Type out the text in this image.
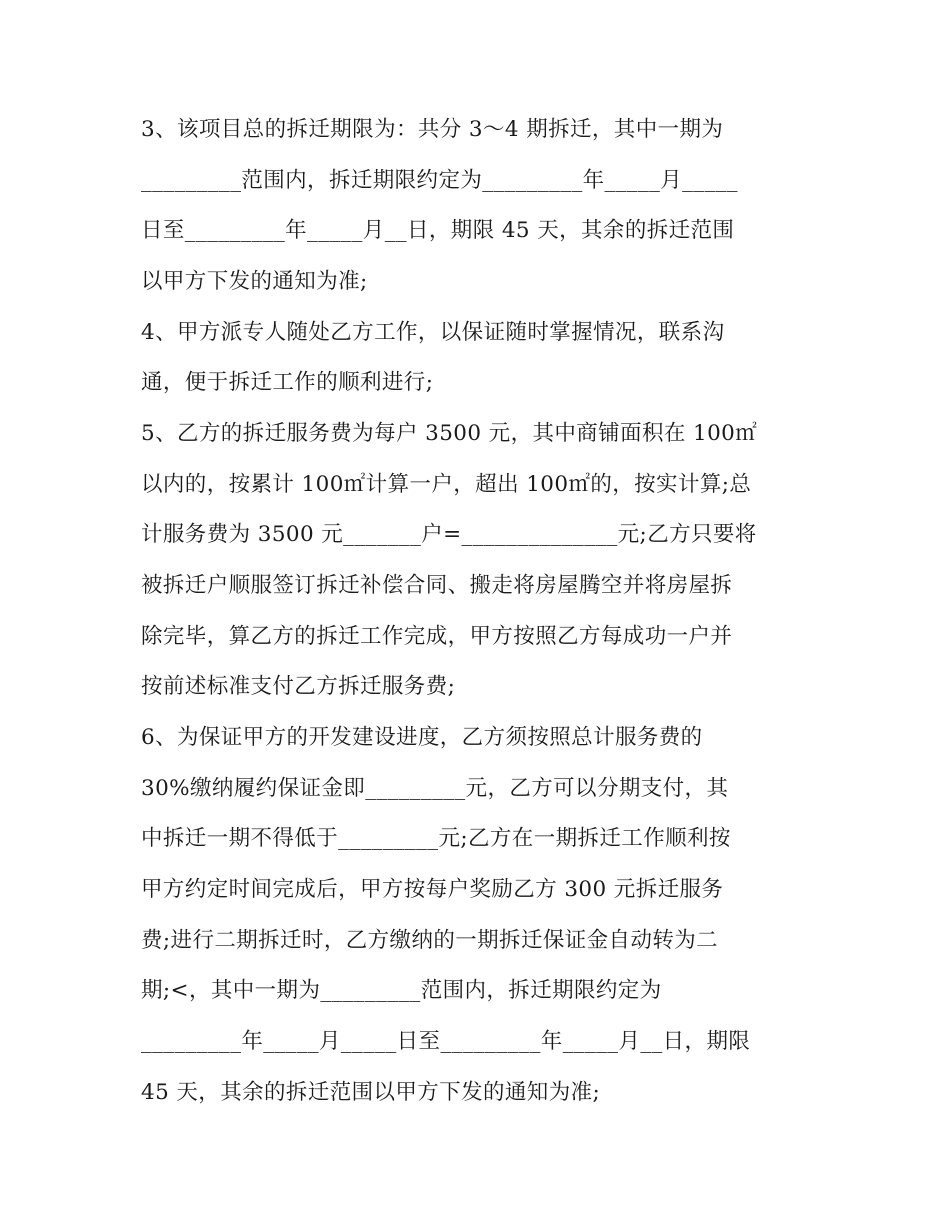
3、该项目总的拆迁期限为：共分 3～4 期拆迁，其中一期为

_________范围内，拆迁期限约定为_________年_____月_____

日至_________年_____月__日，期限 45 天，其余的拆迁范围

以甲方下发的通知为准;

4、甲方派专人随处乙方工作，以保证随时掌握情况，联系沟

通，便于拆迁工作的顺利进行;

5、乙方的拆迁服务费为每户 3500 元，其中商铺面积在 100㎡

以内的，按累计 100㎡计算一户，超出 100㎡的，按实计算;总

计服务费为 3500 元_______户=______________元;乙方只要将

被拆迁户顺服签订拆迁补偿合同、搬走将房屋腾空并将房屋拆

除完毕，算乙方的拆迁工作完成，甲方按照乙方每成功一户并

按前述标准支付乙方拆迁服务费;

6、为保证甲方的开发建设进度，乙方须按照总计服务费的

30%缴纳履约保证金即_________元，乙方可以分期支付，其

中拆迁一期不得低于_________元;乙方在一期拆迁工作顺利按

甲方约定时间完成后，甲方按每户奖励乙方 300 元拆迁服务

费;进行二期拆迁时，乙方缴纳的一期拆迁保证金自动转为二

期;<，其中一期为_________范围内，拆迁期限约定为

_________年_____月_____日至_________年_____月__日，期限

45 天，其余的拆迁范围以甲方下发的通知为准;
